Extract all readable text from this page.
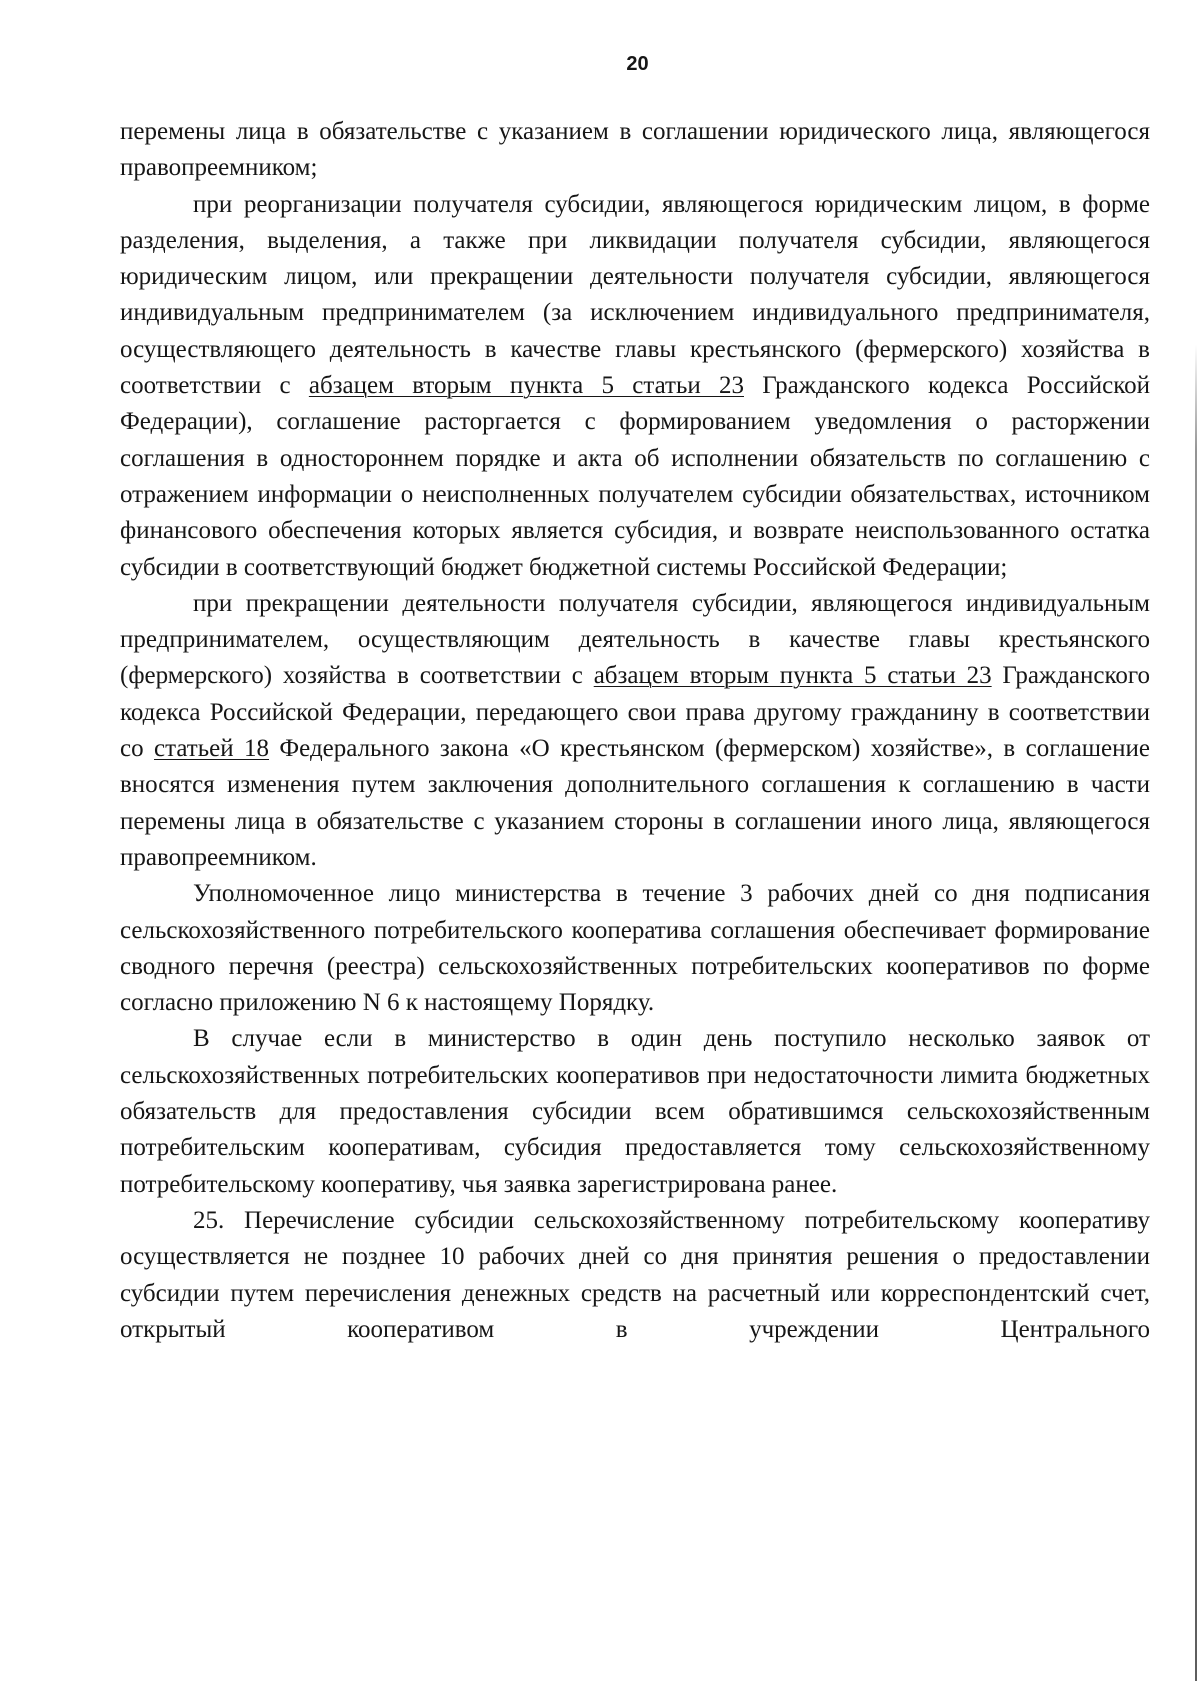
20

перемены лица в обязательстве с указанием в соглашении юридического лица, являющегося правопреемником;

при реорганизации получателя субсидии, являющегося юридическим лицом, в форме разделения, выделения, а также при ликвидации получателя субсидии, являющегося юридическим лицом, или прекращении деятельности получателя субсидии, являющегося индивидуальным предпринимателем (за исключением индивидуального предпринимателя, осуществляющего деятельность в качестве главы крестьянского (фермерского) хозяйства в соответствии с абзацем вторым пункта 5 статьи 23 Гражданского кодекса Российской Федерации), соглашение расторгается с формированием уведомления о расторжении соглашения в одностороннем порядке и акта об исполнении обязательств по соглашению с отражением информации о неисполненных получателем субсидии обязательствах, источником финансового обеспечения которых является субсидия, и возврате неиспользованного остатка субсидии в соответствующий бюджет бюджетной системы Российской Федерации;

при прекращении деятельности получателя субсидии, являющегося индивидуальным предпринимателем, осуществляющим деятельность в качестве главы крестьянского (фермерского) хозяйства в соответствии с абзацем вторым пункта 5 статьи 23 Гражданского кодекса Российской Федерации, передающего свои права другому гражданину в соответствии со статьей 18 Федерального закона «О крестьянском (фермерском) хозяйстве», в соглашение вносятся изменения путем заключения дополнительного соглашения к соглашению в части перемены лица в обязательстве с указанием стороны в соглашении иного лица, являющегося правопреемником.

Уполномоченное лицо министерства в течение 3 рабочих дней со дня подписания сельскохозяйственного потребительского кооператива соглашения обеспечивает формирование сводного перечня (реестра) сельскохозяйственных потребительских кооперативов по форме согласно приложению N 6 к настоящему Порядку.

В случае если в министерство в один день поступило несколько заявок от сельскохозяйственных потребительских кооперативов при недостаточности лимита бюджетных обязательств для предоставления субсидии всем обратившимся сельскохозяйственным потребительским кооперативам, субсидия предоставляется тому сельскохозяйственному потребительскому кооперативу, чья заявка зарегистрирована ранее.

25. Перечисление субсидии сельскохозяйственному потребительскому кооперативу осуществляется не позднее 10 рабочих дней со дня принятия решения о предоставлении субсидии путем перечисления денежных средств на расчетный или корреспондентский счет, открытый кооперативом в учреждении Центрального
